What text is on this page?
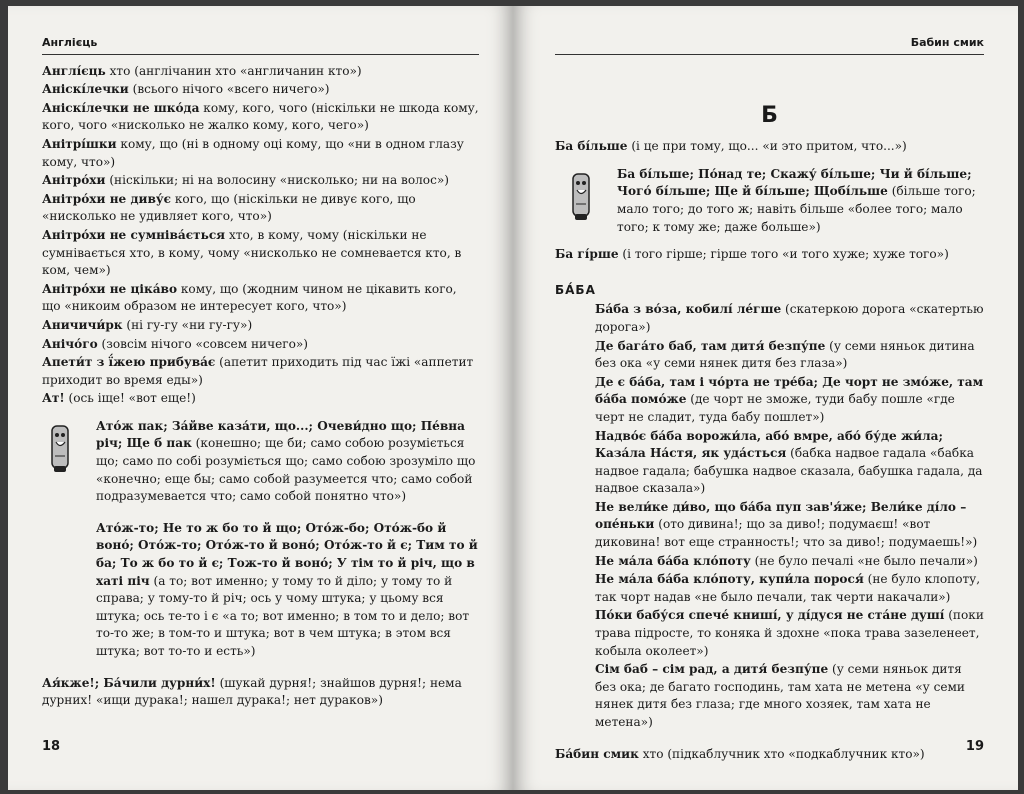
Англієць
Англі́єць хто (англічанин хто «англичанин кто»)
Аніскі́лечки (всього нічого «всего ничего»)
Аніскі́лечки не шко́да кому, кого, чого (ніскільки не шкода кому, кого, чого «нисколько не жалко кому, кого, чего»)
Анітрі́шки кому, що (ні в одному оці кому, що «ни в одном глазу кому, что»)
Анітро́хи (ніскільки; ні на волосину «нисколько; ни на волос»)
Анітро́хи не диву́є кого, що (ніскільки не дивує кого, що «нисколько не удивляет кого, что»)
Анітро́хи не сумніва́ється хто, в кому, чому (ніскільки не сумнівається хто, в кому, чому «нисколько не сомневается кто, в ком, чем»)
Анітро́хи не ціка́во кому, що (жодним чином не цікавить кого, що «никоим образом не интересует кого, что»)
Аничичи́рк (ні гу-гу «ни гу-гу»)
Анічо́го (зовсім нічого «совсем ничего»)
Апети́т з ї́жею прибува́є (апетит приходить під час їжі «аппетит приходит во время еды»)
Ат! (ось іще! «вот еще!)
Ато́ж пак; За́йве каза́ти, що...; Очеви́дно що; Пе́вна річ; Ще б пак (конешно; ще би; само собою розуміється що; само по собі розуміється що; само собою зрозуміло що «конечно; еще бы; само собой разумеется что; само собой подразумевается что; само собой понятно что»)
Ато́ж-то; Не то ж бо то й що; Ото́ж-бо; Ото́ж-бо й воно́; Ото́ж-то; Ото́ж-то й воно́; Ото́ж-то й є; Тим то й ба; То ж бо то й є; Тож-то й воно́; У тім то й річ, що в хаті піч (а то; вот именно; у тому то й діло; у тому то й справа; у тому-то й річ; ось у чому штука; у цьому вся штука; ось те-то і є «а то; вот именно; в том то и дело; вот то-то же; в том-то и штука; вот в чем штука; в этом вся штука; вот то-то и есть»)
Ая́кже!; Ба́чили дурни́х! (шукай дурня!; знайшов дурня!; нема дурних! «ищи дурака!; нашел дурака!; нет дураков»)
18
Бабин смик
Б
Ба бі́льше (і це при тому, що... «и это притом, что...»)
Ба бі́льше; По́над те; Скажу́ бі́льше; Чи й бі́льше; Чого́ бі́льше; Ще й бі́льше; Щобі́льше (більше того; мало того; до того ж; навіть більше «более того; мало того; к тому же; даже больше»)
Ба гі́рше (і того гірше; гірше того «и того хуже; хуже того»)
БА́БА
Ба́ба з во́за, кобилі́ ле́гше (скатеркою дорога «скатертью дорога»)
Де бага́то баб, там дитя́ безпу́пе (у семи няньок дитина без ока «у семи нянек дитя без глаза»)
Де є ба́ба, там і чо́рта не тре́ба; Де чорт не змо́же, там ба́ба помо́же (де чорт не зможе, туди бабу пошле «где черт не сладит, туда бабу пошлет»)
Надво́є ба́ба ворожи́ла, або́ вмре, або́ бу́де жи́ла; Каза́ла На́стя, як уда́сться (бабка надвое гадала «бабка надвое гадала; бабушка надвое сказала, бабушка гадала, да надвое сказала»)
Не вели́ке ди́во, що ба́ба пуп зав'я́же; Вели́ке ді́ло – опе́ньки (ото дивина!; що за диво!; подумаєш! «вот диковина! вот еще странность!; что за диво!; подумаешь!»)
Не ма́ла ба́ба кло́поту (не було печалі «не было печали»)
Не ма́ла ба́ба кло́поту, купи́ла порося́ (не було клопоту, так чорт надав «не было печали, так черти накачали»)
По́ки бабу́ся спече́ книші́, у ді́дуся не ста́не душі́ (поки трава підросте, то коняка й здохне «пока трава зазеленеет, кобыла околеет»)
Сім баб – сім рад, а дитя́ безпу́пе (у семи няньок дитя без ока; де багато господинь, там хата не метена «у семи нянек дитя без глаза; где много хозяек, там хата не метена»)
Ба́бин смик хто (підкаблучник хто «подкаблучник кто»)	19
